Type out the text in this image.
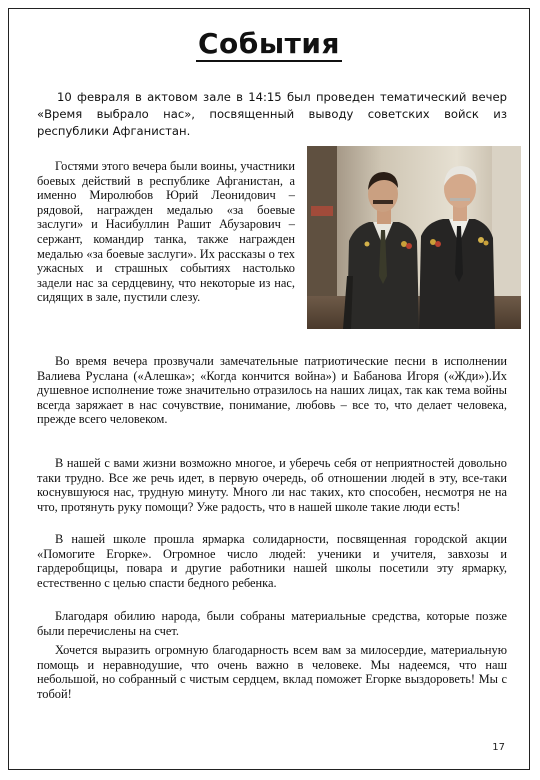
События

10 февраля в актовом зале в 14:15 был проведен тематический вечер «Время выбрало нас», посвященный выводу советских войск из республики Афганистан.

Гостями этого вечера были воины, участники боевых действий в республике Афганистан, а именно Миролюбов Юрий Леонидович – рядовой, награжден медалью «за боевые заслуги» и Насибуллин Рашит Абузарович – сержант, командир танка, также награжден медалью «за боевые заслуги». Их рассказы о тех ужасных и страшных событиях настолько задели нас за сердцевину, что некоторые из нас, сидящих в зале, пустили слезу.

Во время вечера прозвучали замечательные патриотические песни в исполнении Валиева Руслана («Алешка»; «Когда кончится война») и Бабанова Игоря («Жди»).Их душевное исполнение тоже значительно отразилось на наших лицах, так как тема войны всегда заряжает в нас сочувствие, понимание, любовь – все то, что делает человека, прежде всего человеком.

В нашей с вами жизни возможно многое, и уберечь себя от неприятностей довольно таки трудно. Все же речь идет, в первую очередь, об отношении людей в эту, все-таки коснувшуюся нас, трудную минуту. Много ли нас таких, кто способен, несмотря не на что, протянуть руку помощи? Уже радость, что в нашей школе такие люди есть!

В нашей школе прошла ярмарка солидарности, посвященная городской акции «Помогите Егорке». Огромное число людей: ученики и учителя, завхозы и гардеробщицы, повара и другие работники нашей школы посетили эту ярмарку, естественно с целью спасти бедного ребенка.

Благодаря обилию народа, были собраны материальные средства, которые позже были перечислены на счет.

Хочется выразить огромную благодарность всем вам за милосердие, материальную помощь и неравнодушие, что очень важно в человеке. Мы надеемся, что наш небольшой, но собранный с чистым сердцем, вклад поможет Егорке выздороветь! Мы с тобой!

17
